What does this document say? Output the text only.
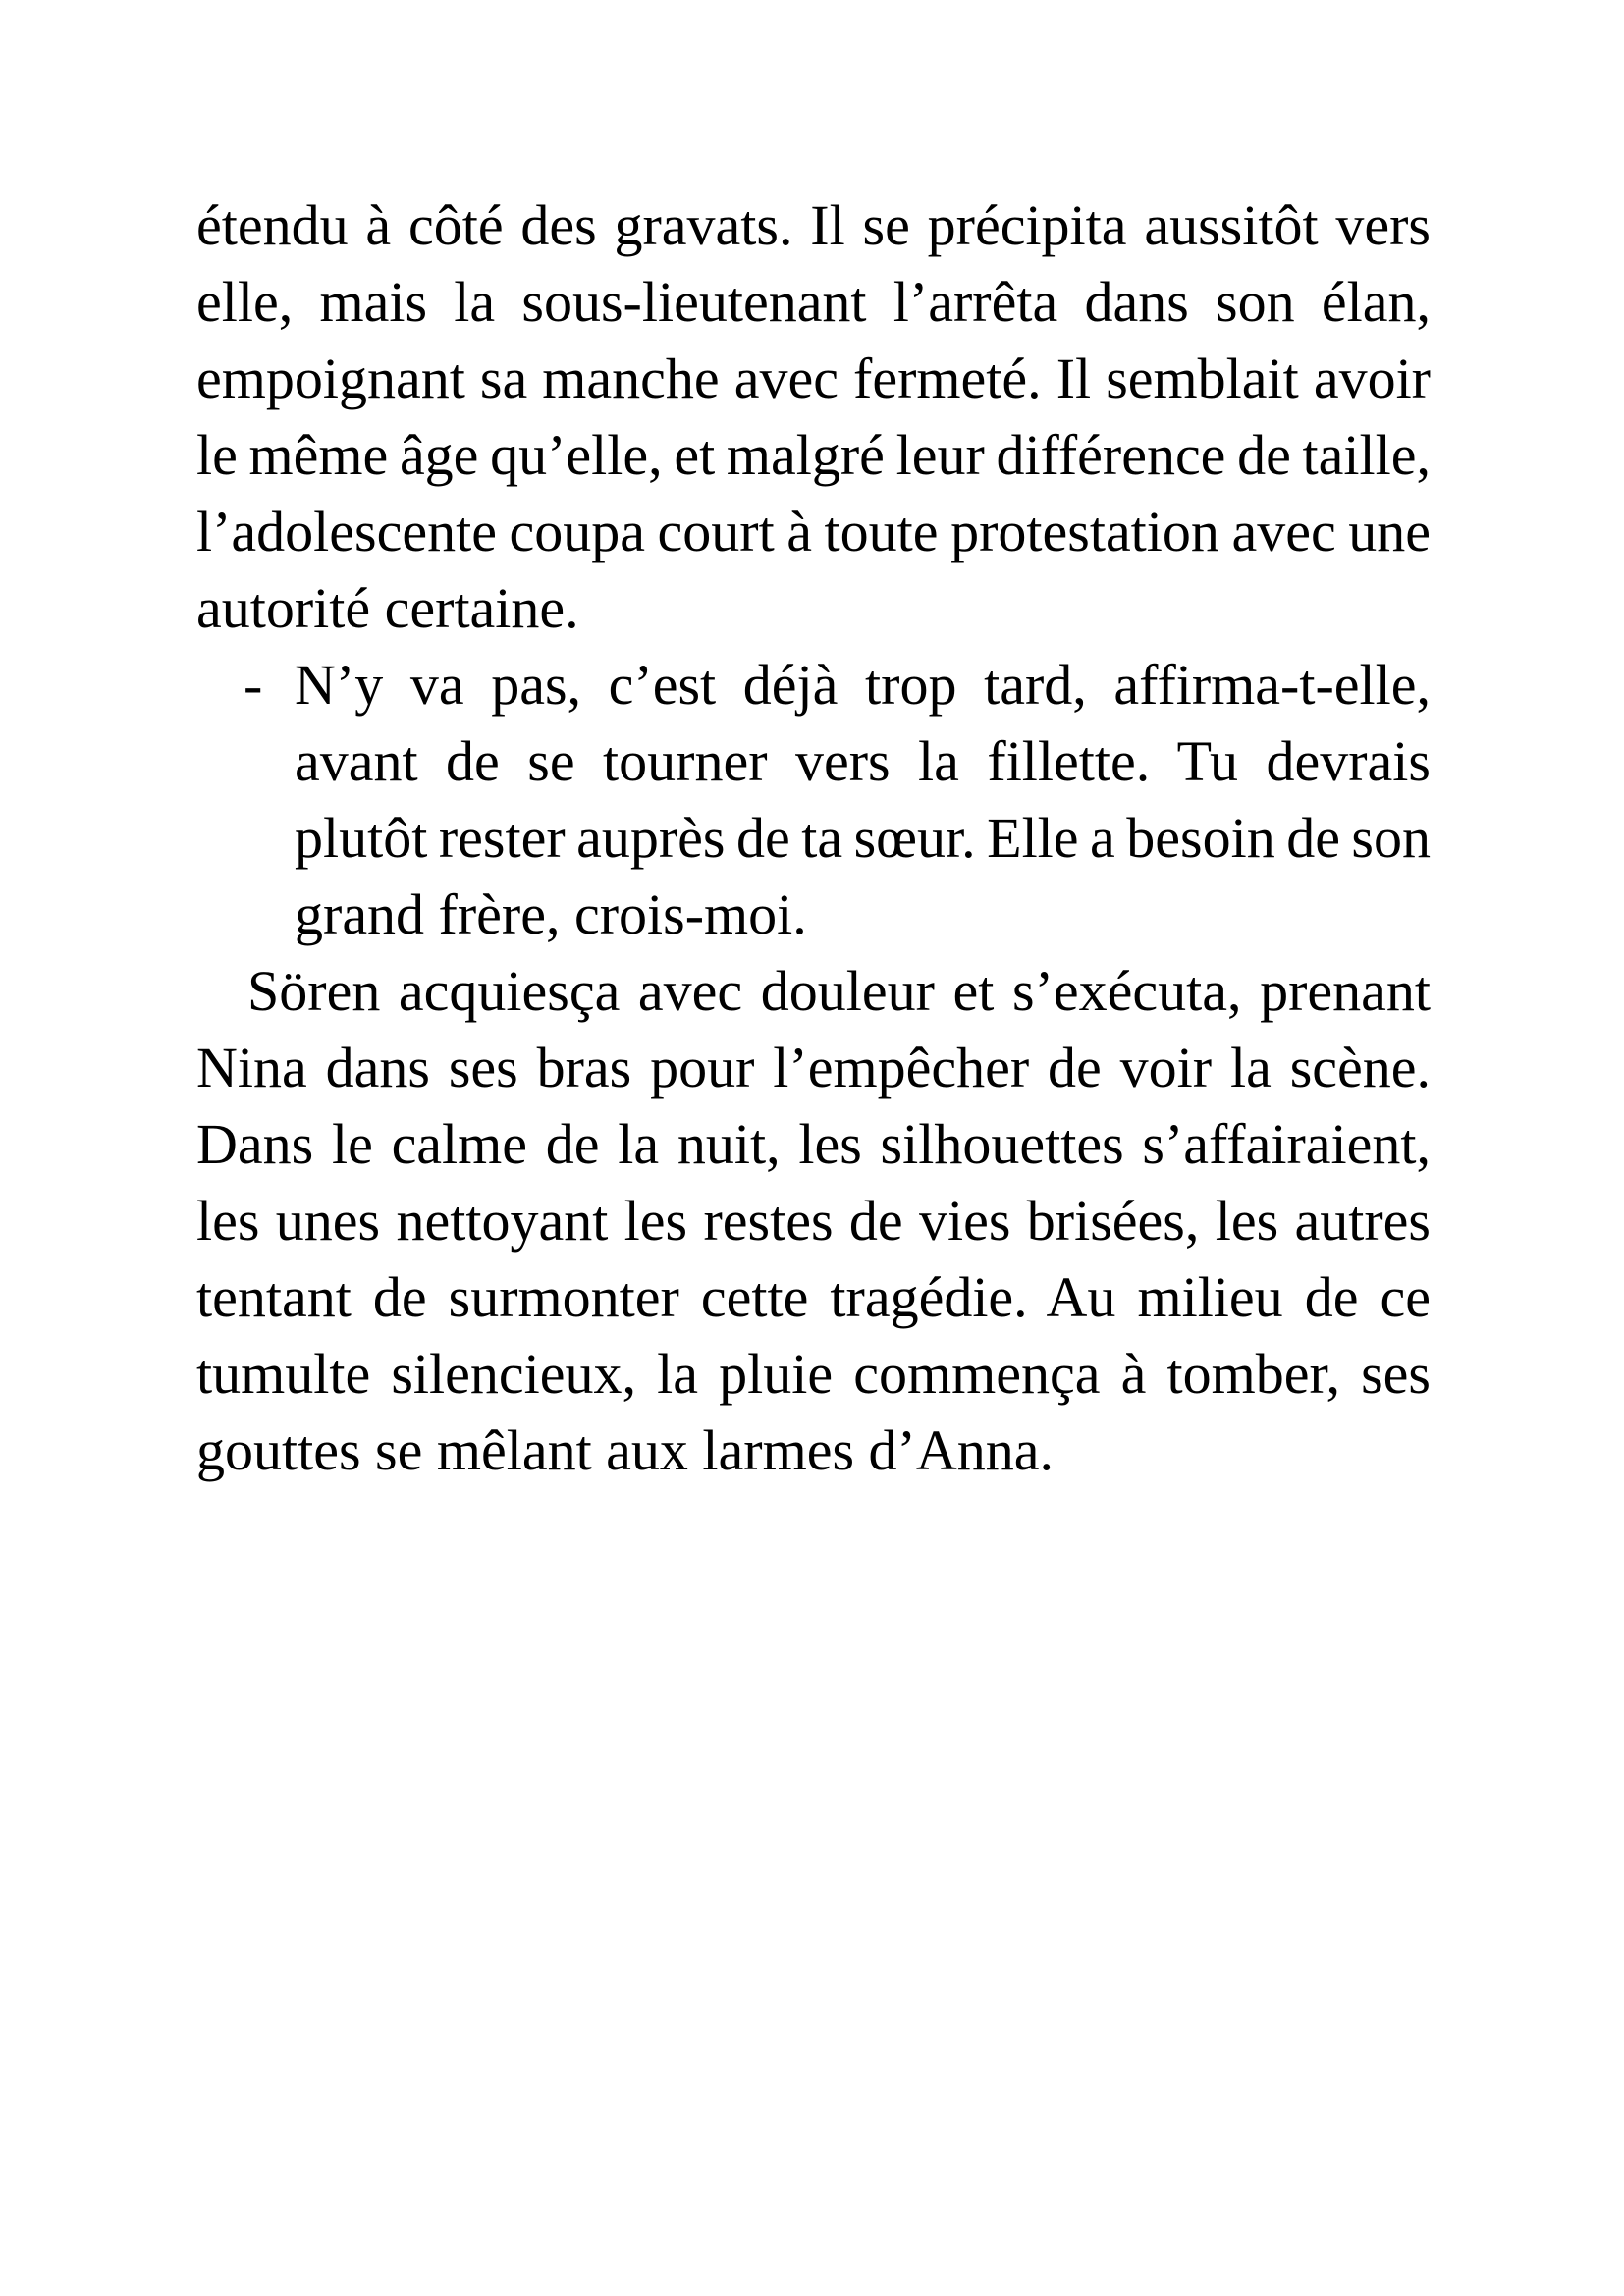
étendu à côté des gravats. Il se précipita aussitôt vers
elle, mais la sous-lieutenant l’arrêta dans son élan,
empoignant sa manche avec fermeté. Il semblait avoir
le même âge qu’elle, et malgré leur différence de taille,
l’adolescente coupa court à toute protestation avec une
autorité certaine.
- N’y va pas, c’est déjà trop tard, affirma-t-elle,
avant de se tourner vers la fillette. Tu devrais
plutôt rester auprès de ta sœur. Elle a besoin de son
grand frère, crois-moi.
Sören acquiesça avec douleur et s’exécuta, prenant
Nina dans ses bras pour l’empêcher de voir la scène.
Dans le calme de la nuit, les silhouettes s’affairaient,
les unes nettoyant les restes de vies brisées, les autres
tentant de surmonter cette tragédie. Au milieu de ce
tumulte silencieux, la pluie commença à tomber, ses
gouttes se mêlant aux larmes d’Anna.
